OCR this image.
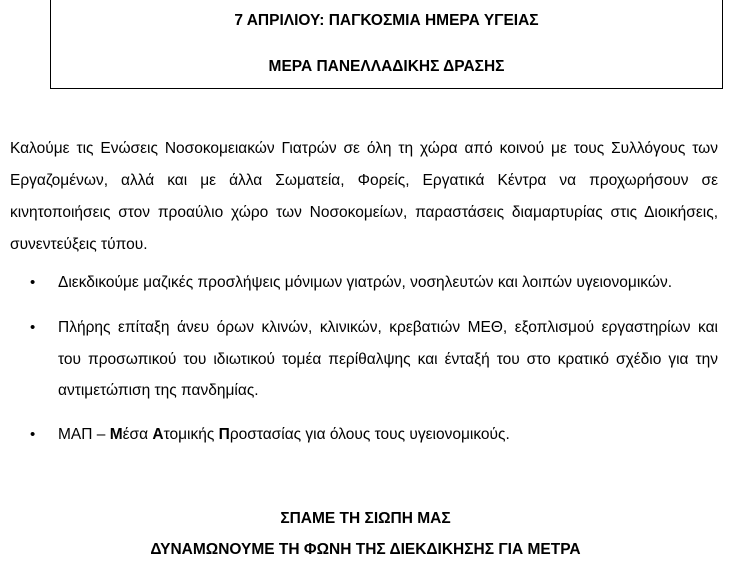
7 ΑΠΡΙΛΙΟΥ: ΠΑΓΚΟΣΜΙΑ ΗΜΕΡΑ ΥΓΕΙΑΣ
ΜΕΡΑ ΠΑΝΕΛΛΑΔΙΚΗΣ ΔΡΑΣΗΣ
Καλούμε τις Ενώσεις Νοσοκομειακών Γιατρών σε όλη τη χώρα από κοινού με τους Συλλόγους των
Εργαζομένων, αλλά και με άλλα Σωματεία, Φορείς, Εργατικά Κέντρα να προχωρήσουν σε
κινητοποιήσεις στον προαύλιο χώρο των Νοσοκομείων, παραστάσεις διαμαρτυρίας στις Διοικήσεις,
συνεντεύξεις τύπου.
•	Διεκδικούμε μαζικές προσλήψεις μόνιμων γιατρών, νοσηλευτών και λοιπών υγειονομικών.
•	Πλήρης επίταξη άνευ όρων κλινών, κλινικών, κρεβατιών ΜΕΘ, εξοπλισμού εργαστηρίων και
του προσωπικού του ιδιωτικού τομέα περίθαλψης και ένταξή του στο κρατικό σχέδιο για την
αντιμετώπιση της πανδημίας.
•	ΜΑΠ – Μέσα Ατομικής Προστασίας για όλους τους υγειονομικούς.
ΣΠΑΜΕ ΤΗ ΣΙΩΠΗ ΜΑΣ
ΔΥΝΑΜΩΝΟΥΜΕ ΤΗ ΦΩΝΗ ΤΗΣ ΔΙΕΚΔΙΚΗΣΗΣ ΓΙΑ ΜΕΤΡΑ
